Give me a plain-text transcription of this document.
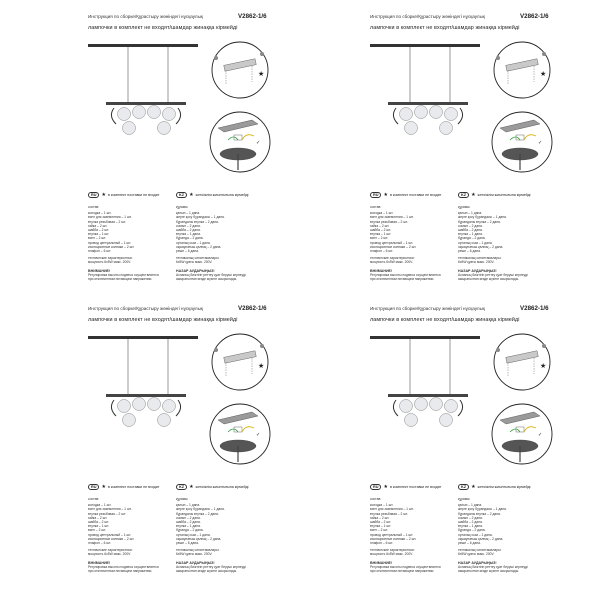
Инструкция по сборке/Құрастыру жөніндегі нұсқаулық	V2862-1/6
лампочки в комплект не входят/шамдар жинаққа кірмейді
★
✓
RU ★ в комплект поставки не входит	KZ ★ жеткізілім жиынтығына кірмейді
состав:
колодка – 1 шт.
винт для заземления – 1 шт.
втулка резьбовая – 2 шт.
гайка – 2 шт.
шайба – 2 шт.
втулка – 1 шт.
винт – 2 шт.
провод центральный – 1 шт.
изоляционные колпаки – 2 шт.
плафон – 6 шт.
технические характеристики:
мощность 6x5W макс. 200V.
ВНИМАНИЕ!
Регулировка высоты подвеса осуществляется
при отключенном питающем напряжении.
құрамы:
қалып – 1 дана.
жерге қосу бұрандасы – 1 дана.
бұрандалы втулка – 2 дана.
сомын – 2 дана.
шайба – 2 дана.
втулка – 1 дана.
бұранда – 2 дана.
орталық сым – 1 дана.
оқшаулағыш қалпақ – 2 дана.
реше – 6 дана.
техникалық сипаттамалары:
6x5W қуаты макс. 200V.
НАЗАР АУДАРЫҢЫЗ!
Аспаның биіктігін реттеу қуат беруші кернеуді
ажыратылған кезде жүзеге асырылады.
Инструкция по сборке/Құрастыру жөніндегі нұсқаулық	V2862-1/6
лампочки в комплект не входят/шамдар жинаққа кірмейді
★
✓
RU ★ в комплект поставки не входит	KZ ★ жеткізілім жиынтығына кірмейді
состав:
колодка – 1 шт.
винт для заземления – 1 шт.
втулка резьбовая – 2 шт.
гайка – 2 шт.
шайба – 2 шт.
втулка – 1 шт.
винт – 2 шт.
провод центральный – 1 шт.
изоляционные колпаки – 2 шт.
плафон – 6 шт.
технические характеристики:
мощность 6x5W макс. 200V.
ВНИМАНИЕ!
Регулировка высоты подвеса осуществляется
при отключенном питающем напряжении.
құрамы:
қалып – 1 дана.
жерге қосу бұрандасы – 1 дана.
бұрандалы втулка – 2 дана.
сомын – 2 дана.
шайба – 2 дана.
втулка – 1 дана.
бұранда – 2 дана.
орталық сым – 1 дана.
оқшаулағыш қалпақ – 2 дана.
реше – 6 дана.
техникалық сипаттамалары:
6x5W қуаты макс. 200V.
НАЗАР АУДАРЫҢЫЗ!
Аспаның биіктігін реттеу қуат беруші кернеуді
ажыратылған кезде жүзеге асырылады.
Инструкция по сборке/Құрастыру жөніндегі нұсқаулық	V2862-1/6
лампочки в комплект не входят/шамдар жинаққа кірмейді
★
✓
RU ★ в комплект поставки не входит	KZ ★ жеткізілім жиынтығына кірмейді
состав:
колодка – 1 шт.
винт для заземления – 1 шт.
втулка резьбовая – 2 шт.
гайка – 2 шт.
шайба – 2 шт.
втулка – 1 шт.
винт – 2 шт.
провод центральный – 1 шт.
изоляционные колпаки – 2 шт.
плафон – 6 шт.
технические характеристики:
мощность 6x5W макс. 200V.
ВНИМАНИЕ!
Регулировка высоты подвеса осуществляется
при отключенном питающем напряжении.
құрамы:
қалып – 1 дана.
жерге қосу бұрандасы – 1 дана.
бұрандалы втулка – 2 дана.
сомын – 2 дана.
шайба – 2 дана.
втулка – 1 дана.
бұранда – 2 дана.
орталық сым – 1 дана.
оқшаулағыш қалпақ – 2 дана.
реше – 6 дана.
техникалық сипаттамалары:
6x5W қуаты макс. 200V.
НАЗАР АУДАРЫҢЫЗ!
Аспаның биіктігін реттеу қуат беруші кернеуді
ажыратылған кезде жүзеге асырылады.
Инструкция по сборке/Құрастыру жөніндегі нұсқаулық	V2862-1/6
лампочки в комплект не входят/шамдар жинаққа кірмейді
★
✓
RU ★ в комплект поставки не входит	KZ ★ жеткізілім жиынтығына кірмейді
состав:
колодка – 1 шт.
винт для заземления – 1 шт.
втулка резьбовая – 2 шт.
гайка – 2 шт.
шайба – 2 шт.
втулка – 1 шт.
винт – 2 шт.
провод центральный – 1 шт.
изоляционные колпаки – 2 шт.
плафон – 6 шт.
технические характеристики:
мощность 6x5W макс. 200V.
ВНИМАНИЕ!
Регулировка высоты подвеса осуществляется
при отключенном питающем напряжении.
құрамы:
қалып – 1 дана.
жерге қосу бұрандасы – 1 дана.
бұрандалы втулка – 2 дана.
сомын – 2 дана.
шайба – 2 дана.
втулка – 1 дана.
бұранда – 2 дана.
орталық сым – 1 дана.
оқшаулағыш қалпақ – 2 дана.
реше – 6 дана.
техникалық сипаттамалары:
6x5W қуаты макс. 200V.
НАЗАР АУДАРЫҢЫЗ!
Аспаның биіктігін реттеу қуат беруші кернеуді
ажыратылған кезде жүзеге асырылады.
